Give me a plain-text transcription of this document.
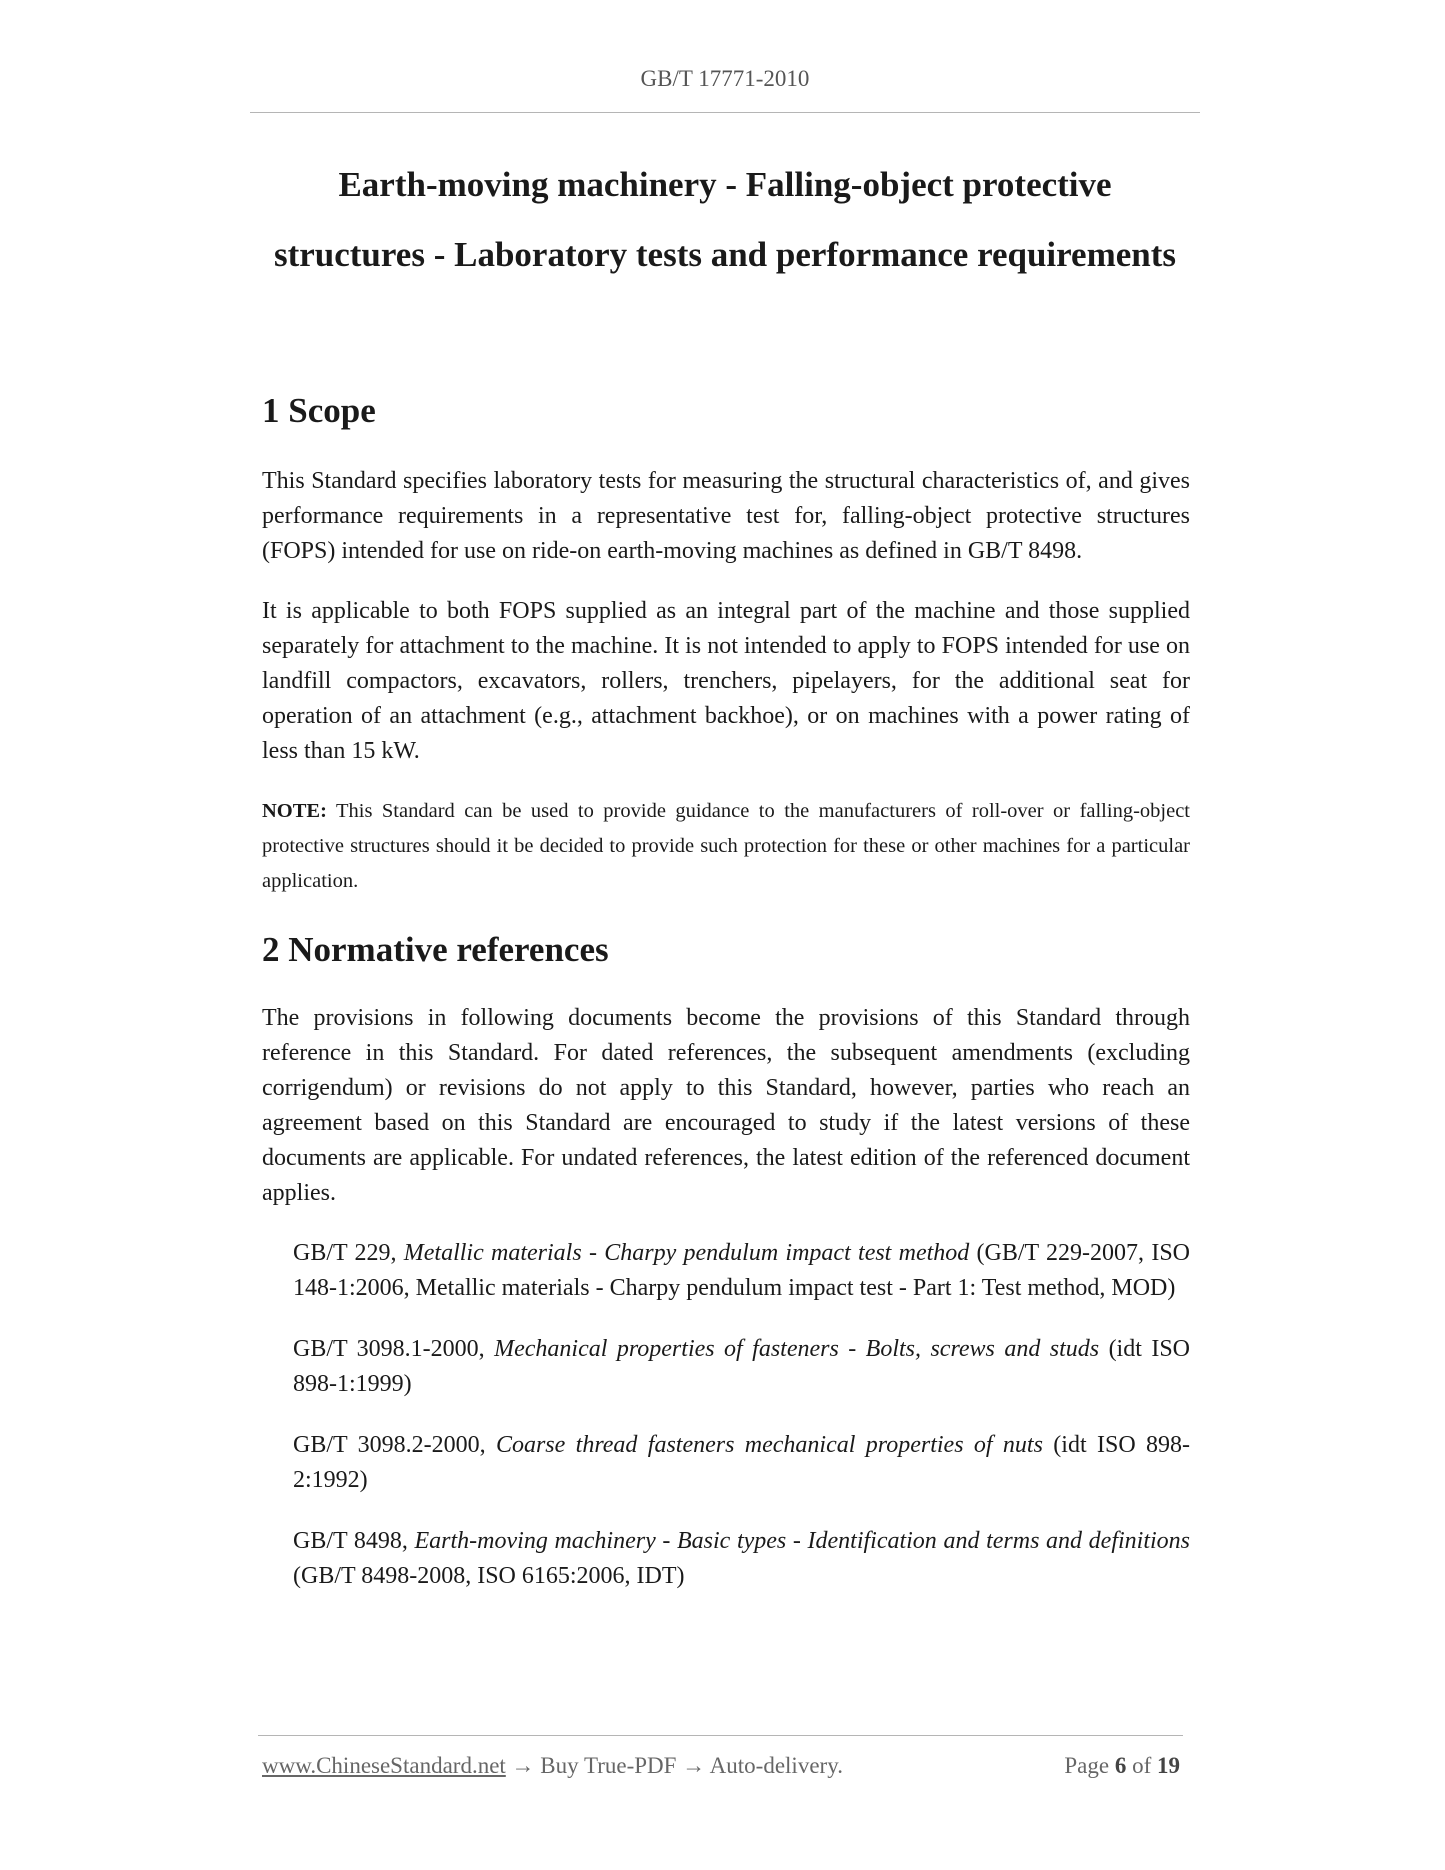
GB/T 17771-2010
Earth-moving machinery - Falling-object protective
structures - Laboratory tests and performance requirements
1 Scope

This Standard specifies laboratory tests for measuring the structural characteristics of, and gives performance requirements in a representative test for, falling-object protective structures (FOPS) intended for use on ride-on earth-moving machines as defined in GB/T 8498.

It is applicable to both FOPS supplied as an integral part of the machine and those supplied separately for attachment to the machine. It is not intended to apply to FOPS intended for use on landfill compactors, excavators, rollers, trenchers, pipelayers, for the additional seat for operation of an attachment (e.g., attachment backhoe), or on machines with a power rating of less than 15 kW.

NOTE: This Standard can be used to provide guidance to the manufacturers of roll-over or falling-object protective structures should it be decided to provide such protection for these or other machines for a particular application.

2 Normative references

The provisions in following documents become the provisions of this Standard through reference in this Standard. For dated references, the subsequent amendments (excluding corrigendum) or revisions do not apply to this Standard, however, parties who reach an agreement based on this Standard are encouraged to study if the latest versions of these documents are applicable. For undated references, the latest edition of the referenced document applies.

GB/T 229, Metallic materials - Charpy pendulum impact test method (GB/T 229-2007, ISO 148-1:2006, Metallic materials - Charpy pendulum impact test - Part 1: Test method, MOD)

GB/T 3098.1-2000, Mechanical properties of fasteners - Bolts, screws and studs (idt ISO 898-1:1999)

GB/T 3098.2-2000, Coarse thread fasteners mechanical properties of nuts (idt ISO 898-2:1992)

GB/T 8498, Earth-moving machinery - Basic types - Identification and terms and definitions (GB/T 8498-2008, ISO 6165:2006, IDT)

www.ChineseStandard.net → Buy True-PDF → Auto-delivery.	Page 6 of 19
